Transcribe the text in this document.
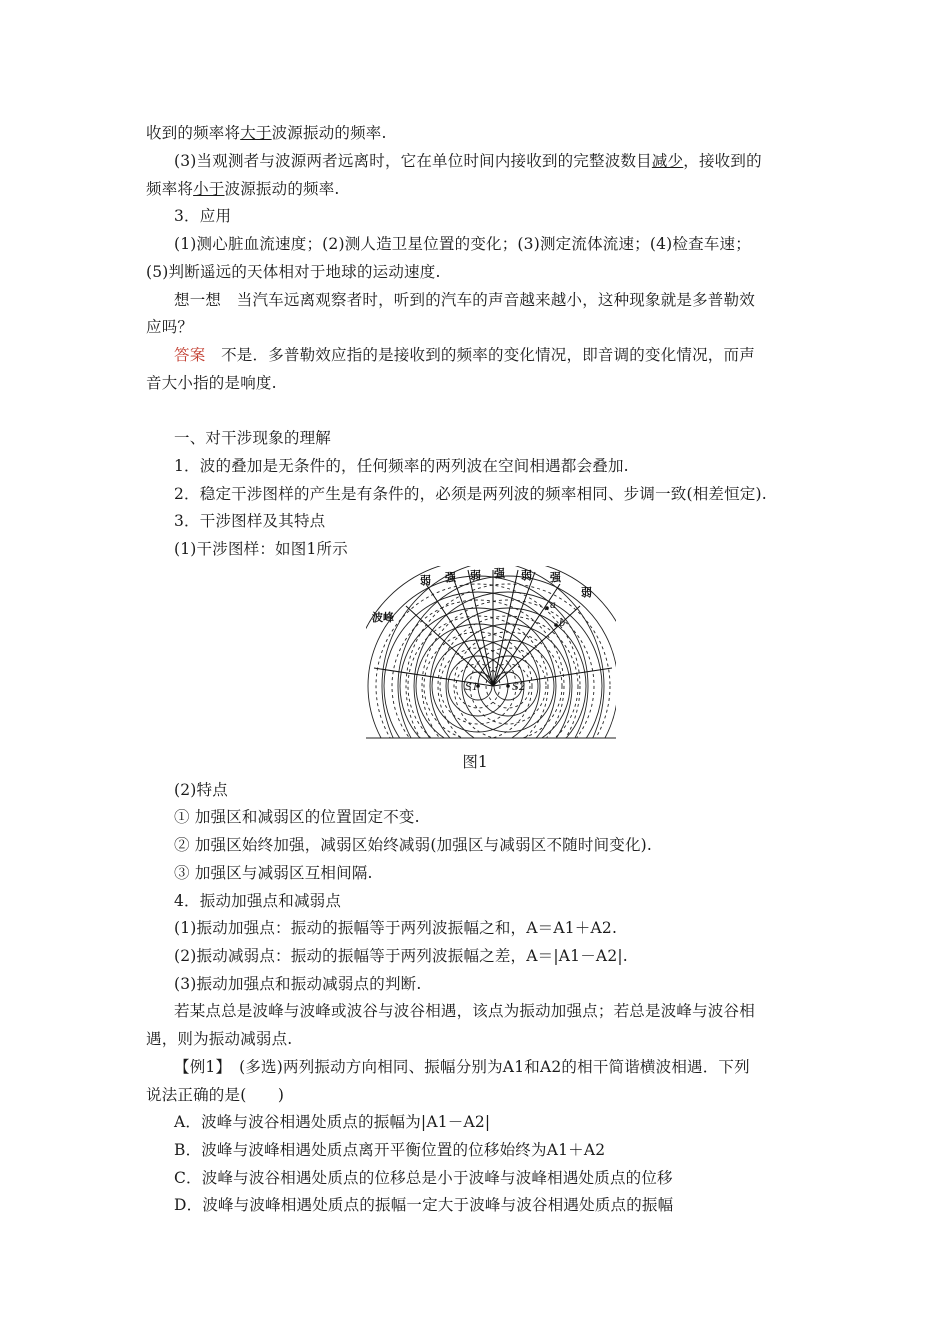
收到的频率将大于波源振动的频率.
(3)当观测者与波源两者远离时，它在单位时间内接收到的完整波数目减少，接收到的
频率将小于波源振动的频率.
3．应用
(1)测心脏血流速度；(2)测人造卫星位置的变化；(3)测定流体流速；(4)检查车速；
(5)判断遥远的天体相对于地球的运动速度.
想一想　当汽车远离观察者时，听到的汽车的声音越来越小，这种现象就是多普勒效
应吗？
答案　不是．多普勒效应指的是接收到的频率的变化情况，即音调的变化情况，而声
音大小指的是响度.
一、对干涉现象的理解
1．波的叠加是无条件的，任何频率的两列波在空间相遇都会叠加.
2．稳定干涉图样的产生是有条件的，必须是两列波的频率相同、步调一致(相差恒定).
3．干涉图样及其特点
(1)干涉图样：如图1所示
弱 强 弱 强 弱 强
弱
波峰
a
b
S1	S2
图1
(2)特点
① 加强区和减弱区的位置固定不变.
② 加强区始终加强，减弱区始终减弱(加强区与减弱区不随时间变化).
③ 加强区与减弱区互相间隔.
4．振动加强点和减弱点
(1)振动加强点：振动的振幅等于两列波振幅之和，A＝A1＋A2.
(2)振动减弱点：振动的振幅等于两列波振幅之差，A＝|A1－A2|.
(3)振动加强点和振动减弱点的判断.
若某点总是波峰与波峰或波谷与波谷相遇，该点为振动加强点；若总是波峰与波谷相
遇，则为振动减弱点.
【例1】　(多选)两列振动方向相同、振幅分别为A1和A2的相干简谐横波相遇．下列
说法正确的是(　　)
A．波峰与波谷相遇处质点的振幅为|A1－A2|
B．波峰与波峰相遇处质点离开平衡位置的位移始终为A1＋A2
C．波峰与波谷相遇处质点的位移总是小于波峰与波峰相遇处质点的位移
D．波峰与波峰相遇处质点的振幅一定大于波峰与波谷相遇处质点的振幅
